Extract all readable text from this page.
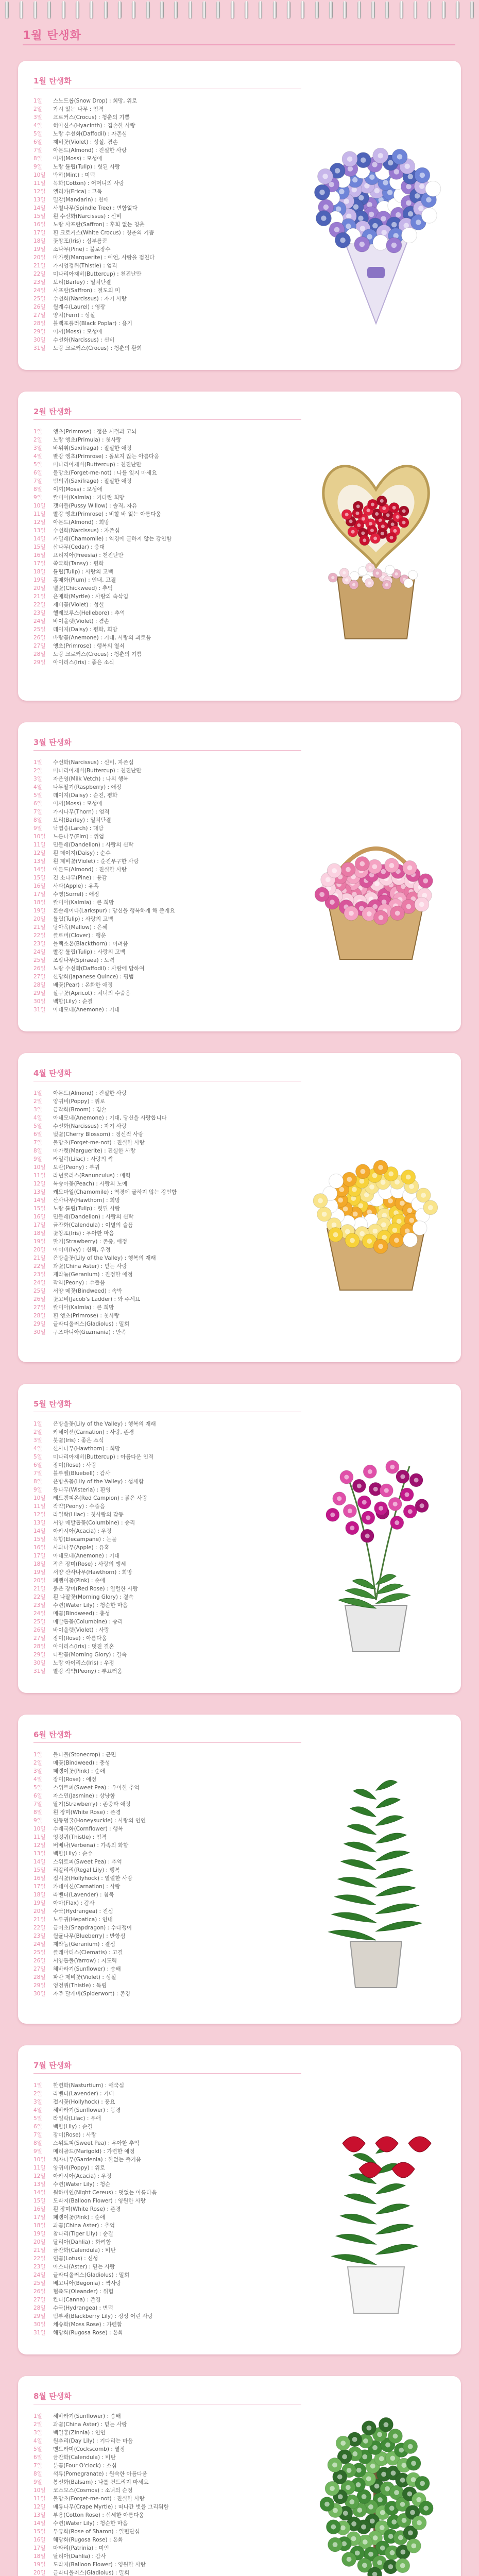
1월 탄생화
1월 탄생화
1일 스노드롭(Snow Drop) : 희망, 위로
2일 가시 있는 나무 : 엄격
3일 크로커스(Crocus) : 청춘의 기쁨
4일 히아신스(Hyacinth) : 겸손한 사랑
5일 노랑 수선화(Daffodil) : 자존심
6일 제비꽃(Violet) : 성실, 겸손
7일 아몬드(Almond) : 진실한 사랑
8일 이끼(Moss) : 모성애
9일 노랑 튤립(Tulip) : 헛된 사랑
10일 박하(Mint) : 미덕
11일 목화(Cotton) : 어머니의 사랑
12일 엘리카(Erica) : 고독
13일 밀감(Mandarin) : 친애
14일 사철나무(Spindle Tree) : 변함없다
15일 흰 수선화(Narcissus) : 신비
16일 노랑 사프란(Saffron) : 후회 없는 청춘
17일 흰 크로커스(White Crocus) : 청춘의 기쁨
18일 꽃창포(Iris) : 심부름꾼
19일 소나무(Pine) : 불로장수
20일 마가렛(Marguerite) : 예언, 사랑을 점친다
21일 가시엉겅퀴(Thistle) : 엄격
22일 미나리아재비(Buttercup) : 천진난만
23일 보리(Barley) : 일치단결
24일 사프란(Saffron) : 절도의 미
25일 수선화(Narcissus) : 자기 사랑
26일 월계수(Laurel) : 영광
27일 양치(Fern) : 성실
28일 블랙포플러(Black Poplar) : 용기
29일 이끼(Moss) : 모성애
30일 수선화(Narcissus) : 신비
31일 노랑 크로커스(Crocus) : 청춘의 환희
2월 탄생화
1일 앵초(Primrose) : 젊은 시절과 고뇌
2일 노랑 앵초(Primula) : 첫사랑
3일 바위취(Saxifraga) : 절실한 애정
4일 빨강 앵초(Primrose) : 돌보지 않는 아름다움
5일 미나리아재비(Buttercup) : 천진난만
6일 물망초(Forget-me-not) : 나를 잊지 마세요
7일 범의귀(Saxifrage) : 절실한 애정
8일 이끼(Moss) : 모성애
9일 칼미아(Kalmia) : 커다란 희망
10일 갯버들(Pussy Willow) : 솔직, 자유
11일 빨강 앵초(Primrose) : 비할 바 없는 아름다움
12일 아몬드(Almond) : 희망
13일 수선화(Narcissus) : 자존심
14일 카밀레(Chamomile) : 역경에 굴하지 않는 강인함
15일 삼나무(Cedar) : 웅대
16일 프리지아(Freesia) : 천진난만
17일 쑥국화(Tansy) : 평화
18일 튤립(Tulip) : 사랑의 고백
19일 홍매화(Plum) : 인내, 고결
20일 별꽃(Chickweed) : 추억
21일 은매화(Myrtle) : 사랑의 속삭임
22일 제비꽃(Violet) : 성실
23일 헬레보루스(Hellebore) : 추억
24일 바이올렛(Violet) : 겸손
25일 데이지(Daisy) : 평화, 희망
26일 바람꽃(Anemone) : 기대, 사랑의 괴로움
27일 앵초(Primrose) : 행복의 열쇠
28일 노랑 크로커스(Crocus) : 청춘의 기쁨
29일 아이리스(Iris) : 좋은 소식
3월 탄생화
1일 수선화(Narcissus) : 신비, 자존심
2일 미나리아재비(Buttercup) : 천진난만
3일 자운영(Milk Vetch) : 나의 행복
4일 나무딸기(Raspberry) : 애정
5일 데이지(Daisy) : 순진, 평화
6일 이끼(Moss) : 모성애
7일 가시나무(Thorn) : 엄격
8일 보리(Barley) : 일치단결
9일 낙엽송(Larch) : 대담
10일 느릅나무(Elm) : 위엄
11일 민들레(Dandelion) : 사랑의 신탁
12일 흰 데이지(Daisy) : 순수
13일 흰 제비꽃(Violet) : 순진무구한 사랑
14일 아몬드(Almond) : 진실한 사랑
15일 긴 소나무(Pine) : 용감
16일 사과(Apple) : 유혹
17일 수영(Sorrel) : 애정
18일 칼미아(Kalmia) : 큰 희망
19일 콘솔레이다(Larkspur) : 당신을 행복하게 해 줄게요
20일 튤립(Tulip) : 사랑의 고백
21일 당아욱(Mallow) : 은혜
22일 클로버(Clover) : 행운
23일 블랙소온(Blackthorn) : 어려움
24일 빨강 튤립(Tulip) : 사랑의 고백
25일 조팝나무(Spiraea) : 노력
26일 노랑 수선화(Daffodil) : 사랑에 답하여
27일 산당화(Japanese Quince) : 평범
28일 배꽃(Pear) : 온화한 애정
29일 살구꽃(Apricot) : 처녀의 수줍음
30일 백합(Lily) : 순결
31일 아네모네(Anemone) : 기대
4월 탄생화
1일 아몬드(Almond) : 진실한 사랑
2일 양귀비(Poppy) : 위로
3일 금작화(Broom) : 겸손
4일 아네모네(Anemone) : 기대, 당신을 사랑합니다
5일 수선화(Narcissus) : 자기 사랑
6일 벚꽃(Cherry Blossom) : 정신적 사랑
7일 물망초(Forget-me-not) : 진실한 사랑
8일 마가렛(Marguerite) : 진실한 사랑
9일 라일락(Lilac) : 사랑의 싹
10일 모란(Peony) : 부귀
11일 라넌큘러스(Ranunculus) : 매력
12일 복숭아꽃(Peach) : 사랑의 노예
13일 캐모마일(Chamomile) : 역경에 굴하지 않는 강인함
14일 산사나무(Hawthorn) : 희망
15일 노랑 튤립(Tulip) : 헛된 사랑
16일 민들레(Dandelion) : 사랑의 신탁
17일 금잔화(Calendula) : 이별의 슬픔
18일 꽃창포(Iris) : 우아한 마음
19일 딸기(Strawberry) : 존중, 애정
20일 아이비(Ivy) : 신뢰, 우정
21일 은방울꽃(Lily of the Valley) : 행복의 재래
22일 과꽃(China Aster) : 믿는 사랑
23일 제라늄(Geranium) : 진정한 애정
24일 작약(Peony) : 수줍음
25일 서양 메꽃(Bindweed) : 속박
26일 꽃고비(Jacob's Ladder) : 와 주세요
27일 칼미아(Kalmia) : 큰 희망
28일 흰 앵초(Primrose) : 첫사랑
29일 글라디올러스(Gladiolus) : 밀회
30일 구즈마니아(Guzmania) : 만족
5월 탄생화
1일 은방울꽃(Lily of the Valley) : 행복의 재래
2일 카네이션(Carnation) : 사랑, 존경
3일 붓꽃(Iris) : 좋은 소식
4일 산사나무(Hawthorn) : 희망
5일 미나리아재비(Buttercup) : 아름다운 인격
6일 장미(Rose) : 사랑
7일 블루벨(Bluebell) : 감사
8일 은방울꽃(Lily of the Valley) : 섬세함
9일 등나무(Wisteria) : 환영
10일 레드캠피온(Red Campion) : 젊은 사랑
11일 작약(Peony) : 수줍음
12일 라일락(Lilac) : 첫사랑의 감동
13일 서양 매발톱꽃(Columbine) : 승리
14일 아카시아(Acacia) : 우정
15일 목향(Elecampane) : 눈물
16일 사과나무(Apple) : 유혹
17일 아네모네(Anemone) : 기대
18일 작은 장미(Rose) : 사랑의 맹세
19일 서양 산사나무(Hawthorn) : 희망
20일 패랭이꽃(Pink) : 순애
21일 붉은 장미(Red Rose) : 열렬한 사랑
22일 흰 나팔꽃(Morning Glory) : 결속
23일 수련(Water Lily) : 청순한 마음
24일 메꽃(Bindweed) : 충성
25일 매발톱꽃(Columbine) : 승리
26일 바이올렛(Violet) : 사랑
27일 장미(Rose) : 아름다움
28일 아이리스(Iris) : 멋진 결혼
29일 나팔꽃(Morning Glory) : 결속
30일 노랑 아이리스(Iris) : 우정
31일 빨강 작약(Peony) : 부끄러움
6월 탄생화
1일 돌나물(Stonecrop) : 근면
2일 메꽃(Bindweed) : 충성
3일 패랭이꽃(Pink) : 순애
4일 장미(Rose) : 애정
5일 스위트피(Sweet Pea) : 우아한 추억
6일 자스민(Jasmine) : 상냥함
7일 딸기(Strawberry) : 존중과 애정
8일 흰 장미(White Rose) : 존경
9일 인동덩굴(Honeysuckle) : 사랑의 인연
10일 수레국화(Cornflower) : 행복
11일 엉겅퀴(Thistle) : 엄격
12일 버베나(Verbena) : 가족의 화합
13일 백합(Lily) : 순수
14일 스위트피(Sweet Pea) : 추억
15일 리갈리리(Regal Lily) : 행복
16일 접시꽃(Hollyhock) : 열렬한 사랑
17일 카네이션(Carnation) : 사랑
18일 라벤더(Lavender) : 침묵
19일 아마(Flax) : 감사
20일 수국(Hydrangea) : 진심
21일 노루귀(Hepatica) : 인내
22일 금어초(Snapdragon) : 수다쟁이
23일 월귤나무(Blueberry) : 반항심
24일 제라늄(Geranium) : 결심
25일 클레마티스(Clematis) : 고결
26일 서양톱풀(Yarrow) : 지도력
27일 해바라기(Sunflower) : 숭배
28일 파란 제비꽃(Violet) : 성실
29일 엉겅퀴(Thistle) : 독립
30일 자주 달개비(Spiderwort) : 존경
7월 탄생화
1일 한련화(Nasturtium) : 애국심
2일 라벤더(Lavender) : 기대
3일 접시꽃(Hollyhock) : 풍요
4일 해바라기(Sunflower) : 동경
5일 라일락(Lilac) : 우애
6일 백합(Lily) : 순결
7일 장미(Rose) : 사랑
8일 스위트피(Sweet Pea) : 우아한 추억
9일 메리골드(Marigold) : 가련한 애정
10일 치자나무(Gardenia) : 한없는 즐거움
11일 양귀비(Poppy) : 위로
12일 아카시아(Acacia) : 우정
13일 수련(Water Lily) : 청순
14일 월하미인(Night Cereus) : 덧없는 아름다움
15일 도라지(Balloon Flower) : 영원한 사랑
16일 흰 장미(White Rose) : 존경
17일 패랭이꽃(Pink) : 순애
18일 과꽃(China Aster) : 추억
19일 참나리(Tiger Lily) : 순결
20일 달리아(Dahlia) : 화려함
21일 금잔화(Calendula) : 비탄
22일 연꽃(Lotus) : 신성
23일 아스타(Aster) : 믿는 사랑
24일 글라디올러스(Gladiolus) : 밀회
25일 베고니아(Begonia) : 짝사랑
26일 협죽도(Oleander) : 위험
27일 칸나(Canna) : 존경
28일 수국(Hydrangea) : 변덕
29일 범부채(Blackberry Lily) : 정성 어린 사랑
30일 채송화(Moss Rose) : 가련함
31일 해당화(Rugosa Rose) : 온화
8월 탄생화
1일 해바라기(Sunflower) : 숭배
2일 과꽃(China Aster) : 믿는 사랑
3일 백일홍(Zinnia) : 인연
4일 원추리(Day Lily) : 기다리는 마음
5일 맨드라미(Cockscomb) : 열정
6일 금잔화(Calendula) : 비탄
7일 분꽃(Four O'clock) : 소심
8일 석류(Pomegranate) : 원숙한 아름다움
9일 봉선화(Balsam) : 나를 건드리지 마세요
10일 코스모스(Cosmos) : 소녀의 순정
11일 물망초(Forget-me-not) : 진실한 사랑
12일 배롱나무(Crape Myrtle) : 떠나간 벗을 그리워함
13일 부용(Cotton Rose) : 섬세한 아름다움
14일 수련(Water Lily) : 청순한 마음
15일 무궁화(Rose of Sharon) : 일편단심
16일 해당화(Rugosa Rose) : 온화
17일 마타리(Patrinia) : 미인
18일 달리아(Dahlia) : 감사
19일 도라지(Balloon Flower) : 영원한 사랑
20일 글라디올러스(Gladiolus) : 밀회
